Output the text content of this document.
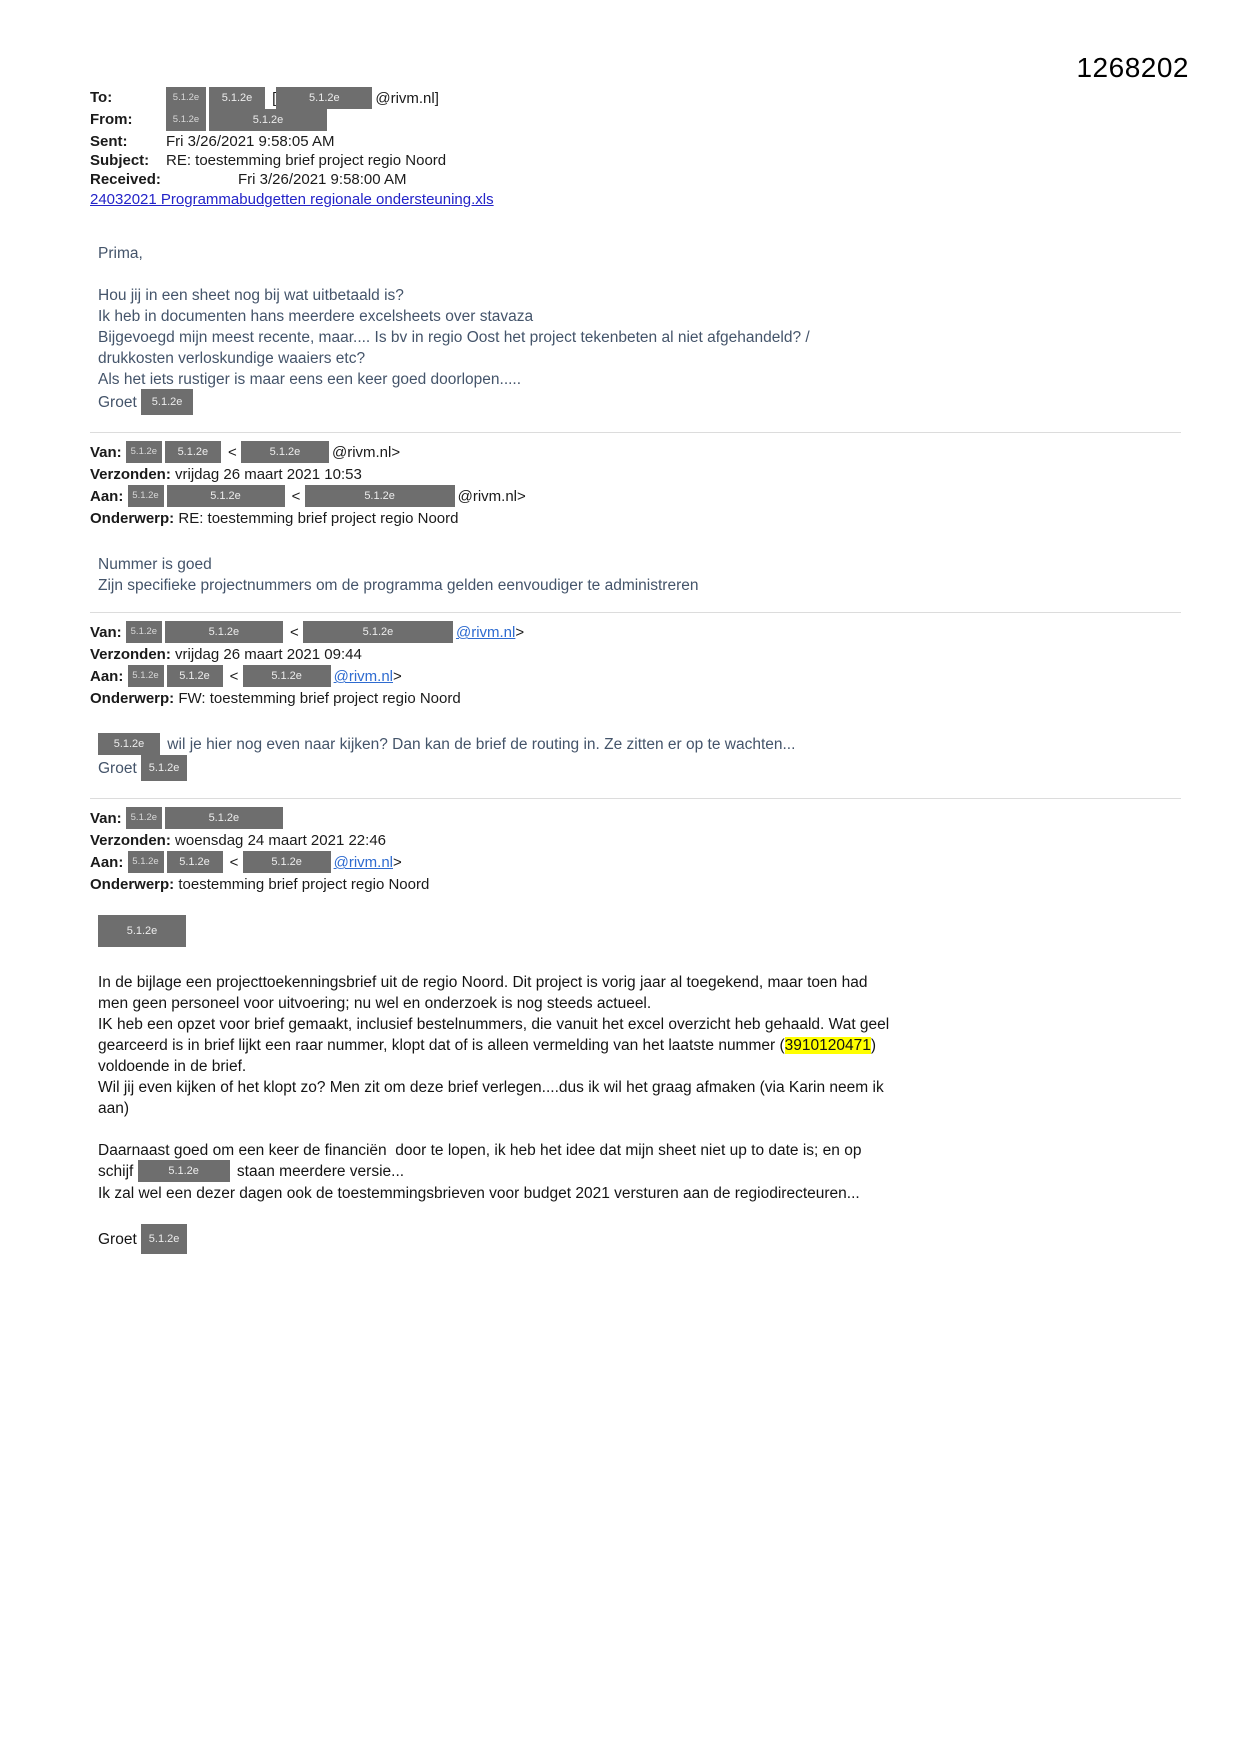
1268202
To:	5.1.2e 5.1.2e [	5.1.2e @rivm.nl]
From:	5.1.2e	5.1.2e
Sent:	Fri 3/26/2021 9:58:05 AM
Subject:	RE: toestemming brief project regio Noord
Received:	Fri 3/26/2021 9:58:00 AM
24032021 Programmabudgetten regionale ondersteuning.xls
Prima,

Hou jij in een sheet nog bij wat uitbetaald is?
Ik heb in documenten hans meerdere excelsheets over stavaza
Bijgevoegd mijn meest recente, maar.... Is bv in regio Oost het project tekenbeten al niet afgehandeld? /
drukkosten verloskundige waaiers etc?
Als het iets rustiger is maar eens een keer goed doorlopen.....
Groet 5.1.2e
Van: 5.1.2e 5.1.2e <	5.1.2e @rivm.nl>
Verzonden: vrijdag 26 maart 2021 10:53
Aan: 5.1.2e	5.1.2e	<	5.1.2e	@rivm.nl>
Onderwerp: RE: toestemming brief project regio Noord
Nummer is goed
Zijn specifieke projectnummers om de programma gelden eenvoudiger te administreren
Van: 5.1.2e	5.1.2e	<	5.1.2e	@rivm.nl>
Verzonden: vrijdag 26 maart 2021 09:44
Aan: 5.1.2e 5.1.2e <	5.1.2e @rivm.nl>
Onderwerp: FW: toestemming brief project regio Noord
5.1.2e wil je hier nog even naar kijken? Dan kan de brief de routing in. Ze zitten er op te wachten...
Groet 5.1.2e
Van: 5.1.2e	5.1.2e
Verzonden: woensdag 24 maart 2021 22:46
Aan: 5.1.2e 5.1.2e <	5.1.2e @rivm.nl>
Onderwerp: toestemming brief project regio Noord
5.1.2e
In de bijlage een projecttoekenningsbrief uit de regio Noord. Dit project is vorig jaar al toegekend, maar toen had
men geen personeel voor uitvoering; nu wel en onderzoek is nog steeds actueel.
IK heb een opzet voor brief gemaakt, inclusief bestelnummers, die vanuit het excel overzicht heb gehaald. Wat geel
gearceerd is in brief lijkt een raar nummer, klopt dat of is alleen vermelding van het laatste nummer (3910120471)
voldoende in de brief.
Wil jij even kijken of het klopt zo? Men zit om deze brief verlegen....dus ik wil het graag afmaken (via Karin neem ik
aan)

Daarnaast goed om een keer de financiën  door te lopen, ik heb het idee dat mijn sheet niet up to date is; en op
schijf	5.1.2e staan meerdere versie...
Ik zal wel een dezer dagen ook de toestemmingsbrieven voor budget 2021 versturen aan de regiodirecteuren...

Groet 5.1.2e
